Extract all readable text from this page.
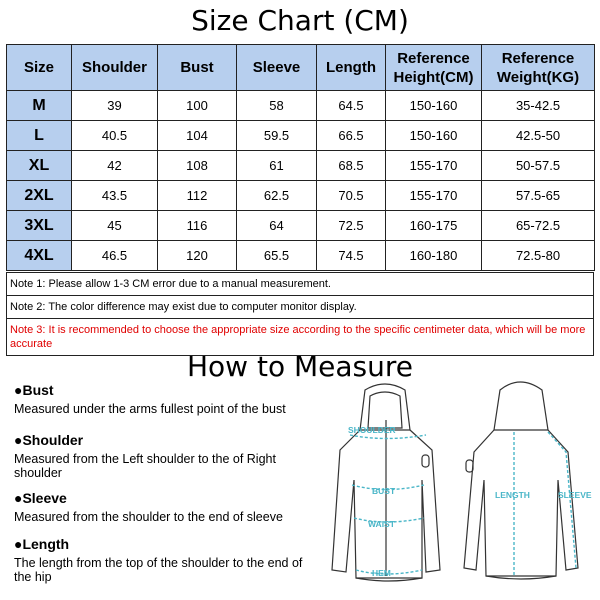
Size Chart (CM)
Size	Shoulder	Bust	Sleeve	Length	Reference Height(CM)	Reference Weight(KG)
M	39	100	58	64.5	150-160	35-42.5
L	40.5	104	59.5	66.5	150-160	42.5-50
XL	42	108	61	68.5	155-170	50-57.5
2XL	43.5	112	62.5	70.5	155-170	57.5-65
3XL	45	116	64	72.5	160-175	65-72.5
4XL	46.5	120	65.5	74.5	160-180	72.5-80
Note 1: Please allow 1-3 CM error due to a manual measurement.
Note 2: The color difference may exist due to computer monitor display.
Note 3: It is recommended to choose the appropriate size according to the specific centimeter data, which will be more accurate
How to Measure
●Bust
Measured under the arms fullest point of the bust
●Shoulder
Measured from the Left shoulder to the of Right shoulder
●Sleeve
Measured from the shoulder to the end of sleeve
●Length
The length from the top of the shoulder to the end of the hip
SHOULDER
BUST
WAIST
HEM
LENGTH	SLEEVE
